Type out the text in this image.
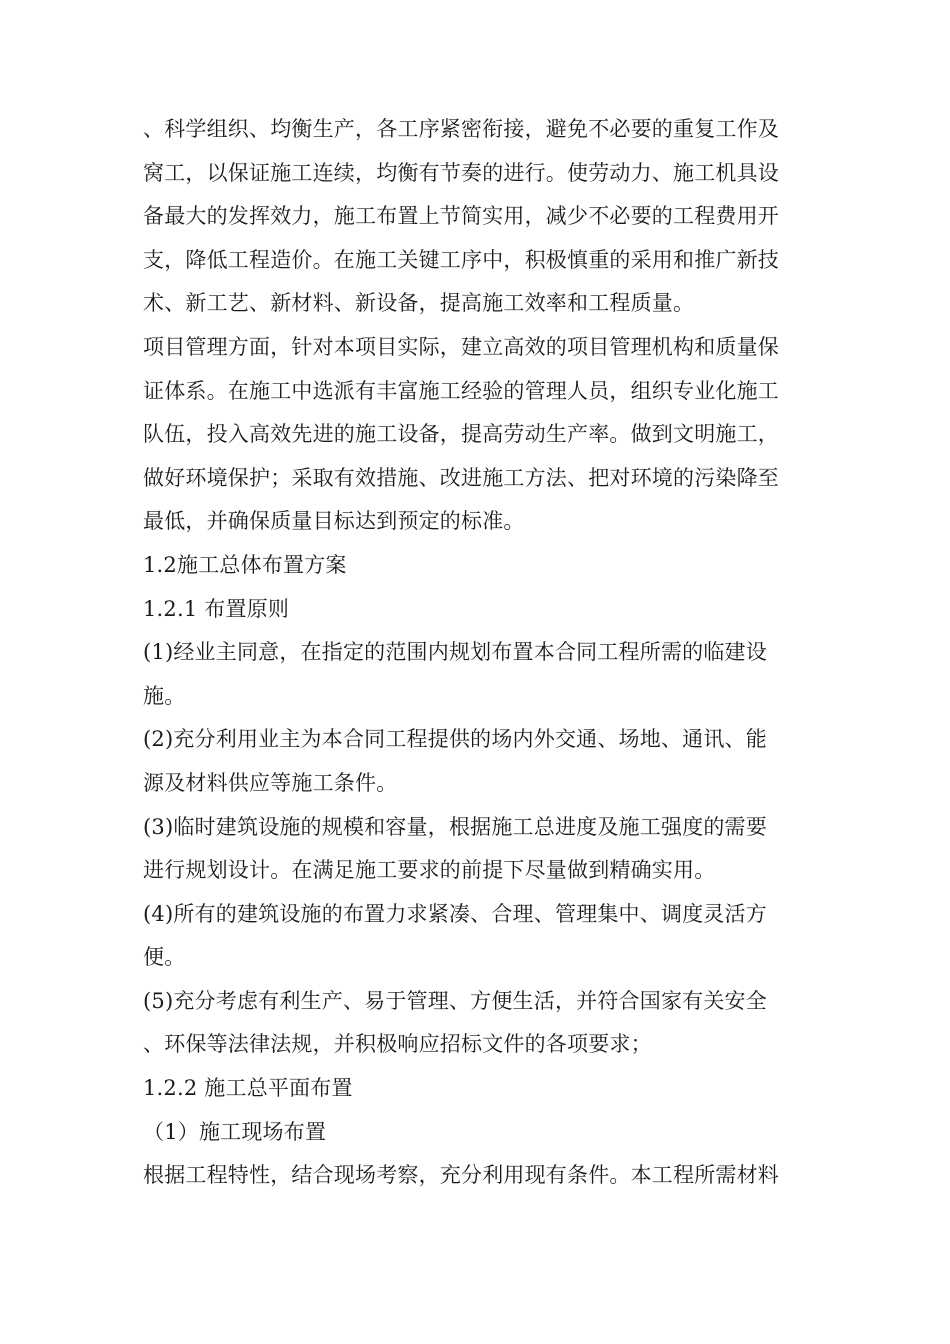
、科学组织、均衡生产，各工序紧密衔接，避免不必要的重复工作及
窝工，以保证施工连续，均衡有节奏的进行。使劳动力、施工机具设
备最大的发挥效力，施工布置上节简实用，减少不必要的工程费用开
支，降低工程造价。在施工关键工序中，积极慎重的采用和推广新技
术、新工艺、新材料、新设备，提高施工效率和工程质量。
项目管理方面，针对本项目实际，建立高效的项目管理机构和质量保
证体系。在施工中选派有丰富施工经验的管理人员，组织专业化施工
队伍，投入高效先进的施工设备，提高劳动生产率。做到文明施工，
做好环境保护；采取有效措施、改进施工方法、把对环境的污染降至
最低，并确保质量目标达到预定的标准。
1.2施工总体布置方案
1.2.1 布置原则
(1)经业主同意，在指定的范围内规划布置本合同工程所需的临建设
施。
(2)充分利用业主为本合同工程提供的场内外交通、场地、通讯、能
源及材料供应等施工条件。
(3)临时建筑设施的规模和容量，根据施工总进度及施工强度的需要
进行规划设计。在满足施工要求的前提下尽量做到精确实用。
(4)所有的建筑设施的布置力求紧凑、合理、管理集中、调度灵活方
便。
(5)充分考虑有利生产、易于管理、方便生活，并符合国家有关安全
、环保等法律法规，并积极响应招标文件的各项要求；
1.2.2 施工总平面布置
（1）施工现场布置
根据工程特性，结合现场考察，充分利用现有条件。本工程所需材料
